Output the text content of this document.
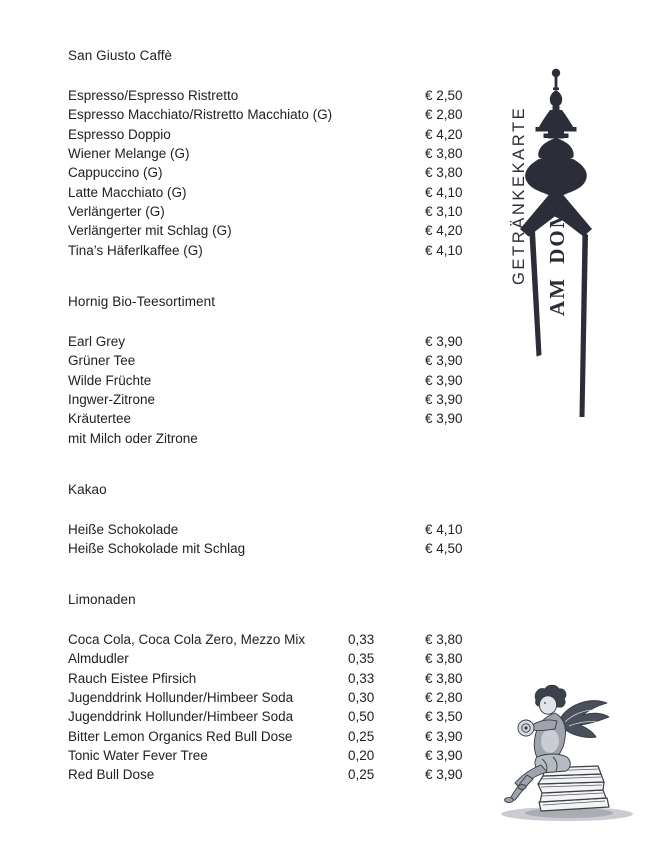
San Giusto Caffè
Espresso/Espresso Ristretto	€ 2,50
Espresso Macchiato/Ristretto Macchiato (G)	€ 2,80
Espresso Doppio	€ 4,20
Wiener Melange (G)	€ 3,80
Cappuccino (G)	€ 3,80
Latte Macchiato (G)	€ 4,10
Verlängerter (G)	€ 3,10
Verlängerter mit Schlag (G)	€ 4,20
Tina’s Häferlkaffee (G)	€ 4,10
Hornig Bio-Teesortiment
Earl Grey	€ 3,90
Grüner Tee	€ 3,90
Wilde Früchte	€ 3,90
Ingwer-Zitrone	€ 3,90
Kräutertee	€ 3,90
mit Milch oder Zitrone
Kakao
Heiße Schokolade	€ 4,10
Heiße Schokolade mit Schlag	€ 4,50
Limonaden
Coca Cola, Coca Cola Zero, Mezzo Mix	0,33	€ 3,80
Almdudler	0,35	€ 3,80
Rauch Eistee Pfirsich	0,33	€ 3,80
Jugenddrink Hollunder/Himbeer Soda	0,30	€ 2,80
Jugenddrink Hollunder/Himbeer Soda	0,50	€ 3,50
Bitter Lemon Organics Red Bull Dose	0,25	€ 3,90
Tonic Water Fever Tree	0,20	€ 3,90
Red Bull Dose	0,25	€ 3,90
GETRÄNKEKARTE AM DOM
